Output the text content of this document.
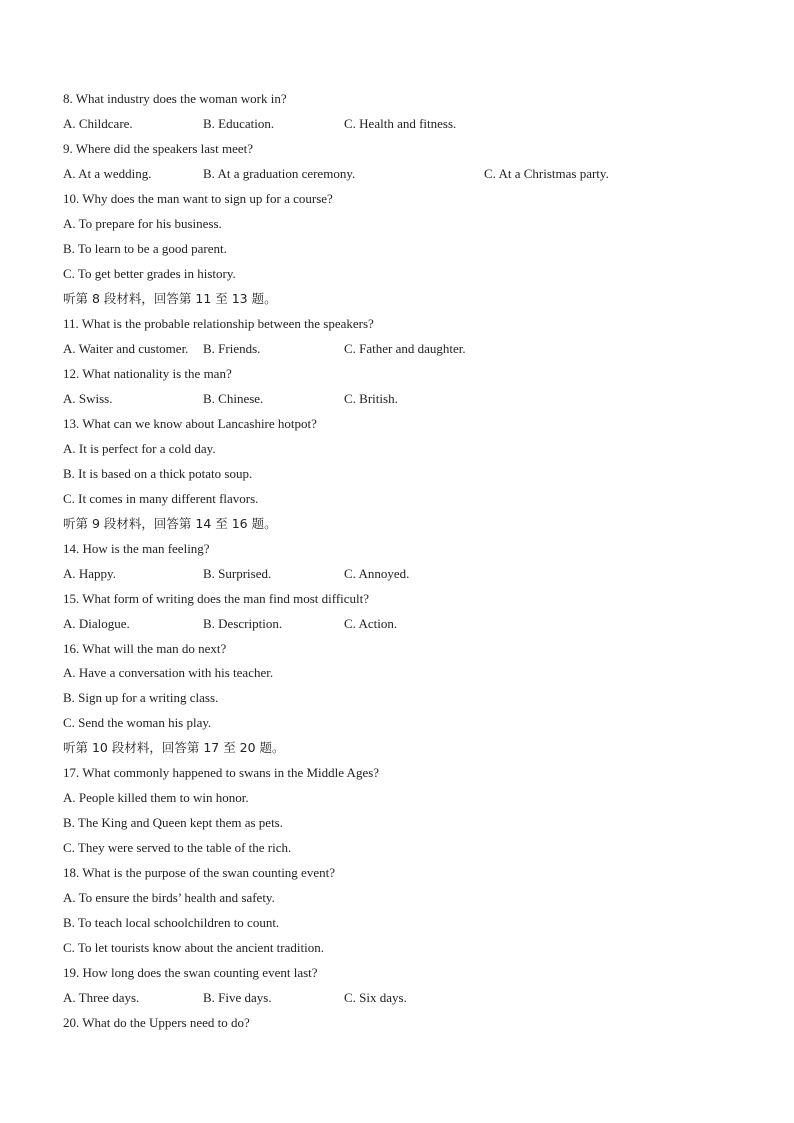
8. What industry does the woman work in?
A. Childcare.	B. Education.	C. Health and fitness.
9. Where did the speakers last meet?
A. At a wedding.	B. At a graduation ceremony.	C. At a Christmas party.
10. Why does the man want to sign up for a course?
A. To prepare for his business.
B. To learn to be a good parent.
C. To get better grades in history.
听第 8 段材料，回答第 11 至 13 题。
11. What is the probable relationship between the speakers?
A. Waiter and customer. B. Friends.	C. Father and daughter.
12. What nationality is the man?
A. Swiss.	B. Chinese.	C. British.
13. What can we know about Lancashire hotpot?
A. It is perfect for a cold day.
B. It is based on a thick potato soup.
C. It comes in many different flavors.
听第 9 段材料，回答第 14 至 16 题。
14. How is the man feeling?
A. Happy.	B. Surprised.	C. Annoyed.
15. What form of writing does the man find most difficult?
A. Dialogue.	B. Description.	C. Action.
16. What will the man do next?
A. Have a conversation with his teacher.
B. Sign up for a writing class.
C. Send the woman his play.
听第 10 段材料，回答第 17 至 20 题。
17. What commonly happened to swans in the Middle Ages?
A. People killed them to win honor.
B. The King and Queen kept them as pets.
C. They were served to the table of the rich.
18. What is the purpose of the swan counting event?
A. To ensure the birds’ health and safety.
B. To teach local schoolchildren to count.
C. To let tourists know about the ancient tradition.
19. How long does the swan counting event last?
A. Three days.	B. Five days.	C. Six days.
20. What do the Uppers need to do?
